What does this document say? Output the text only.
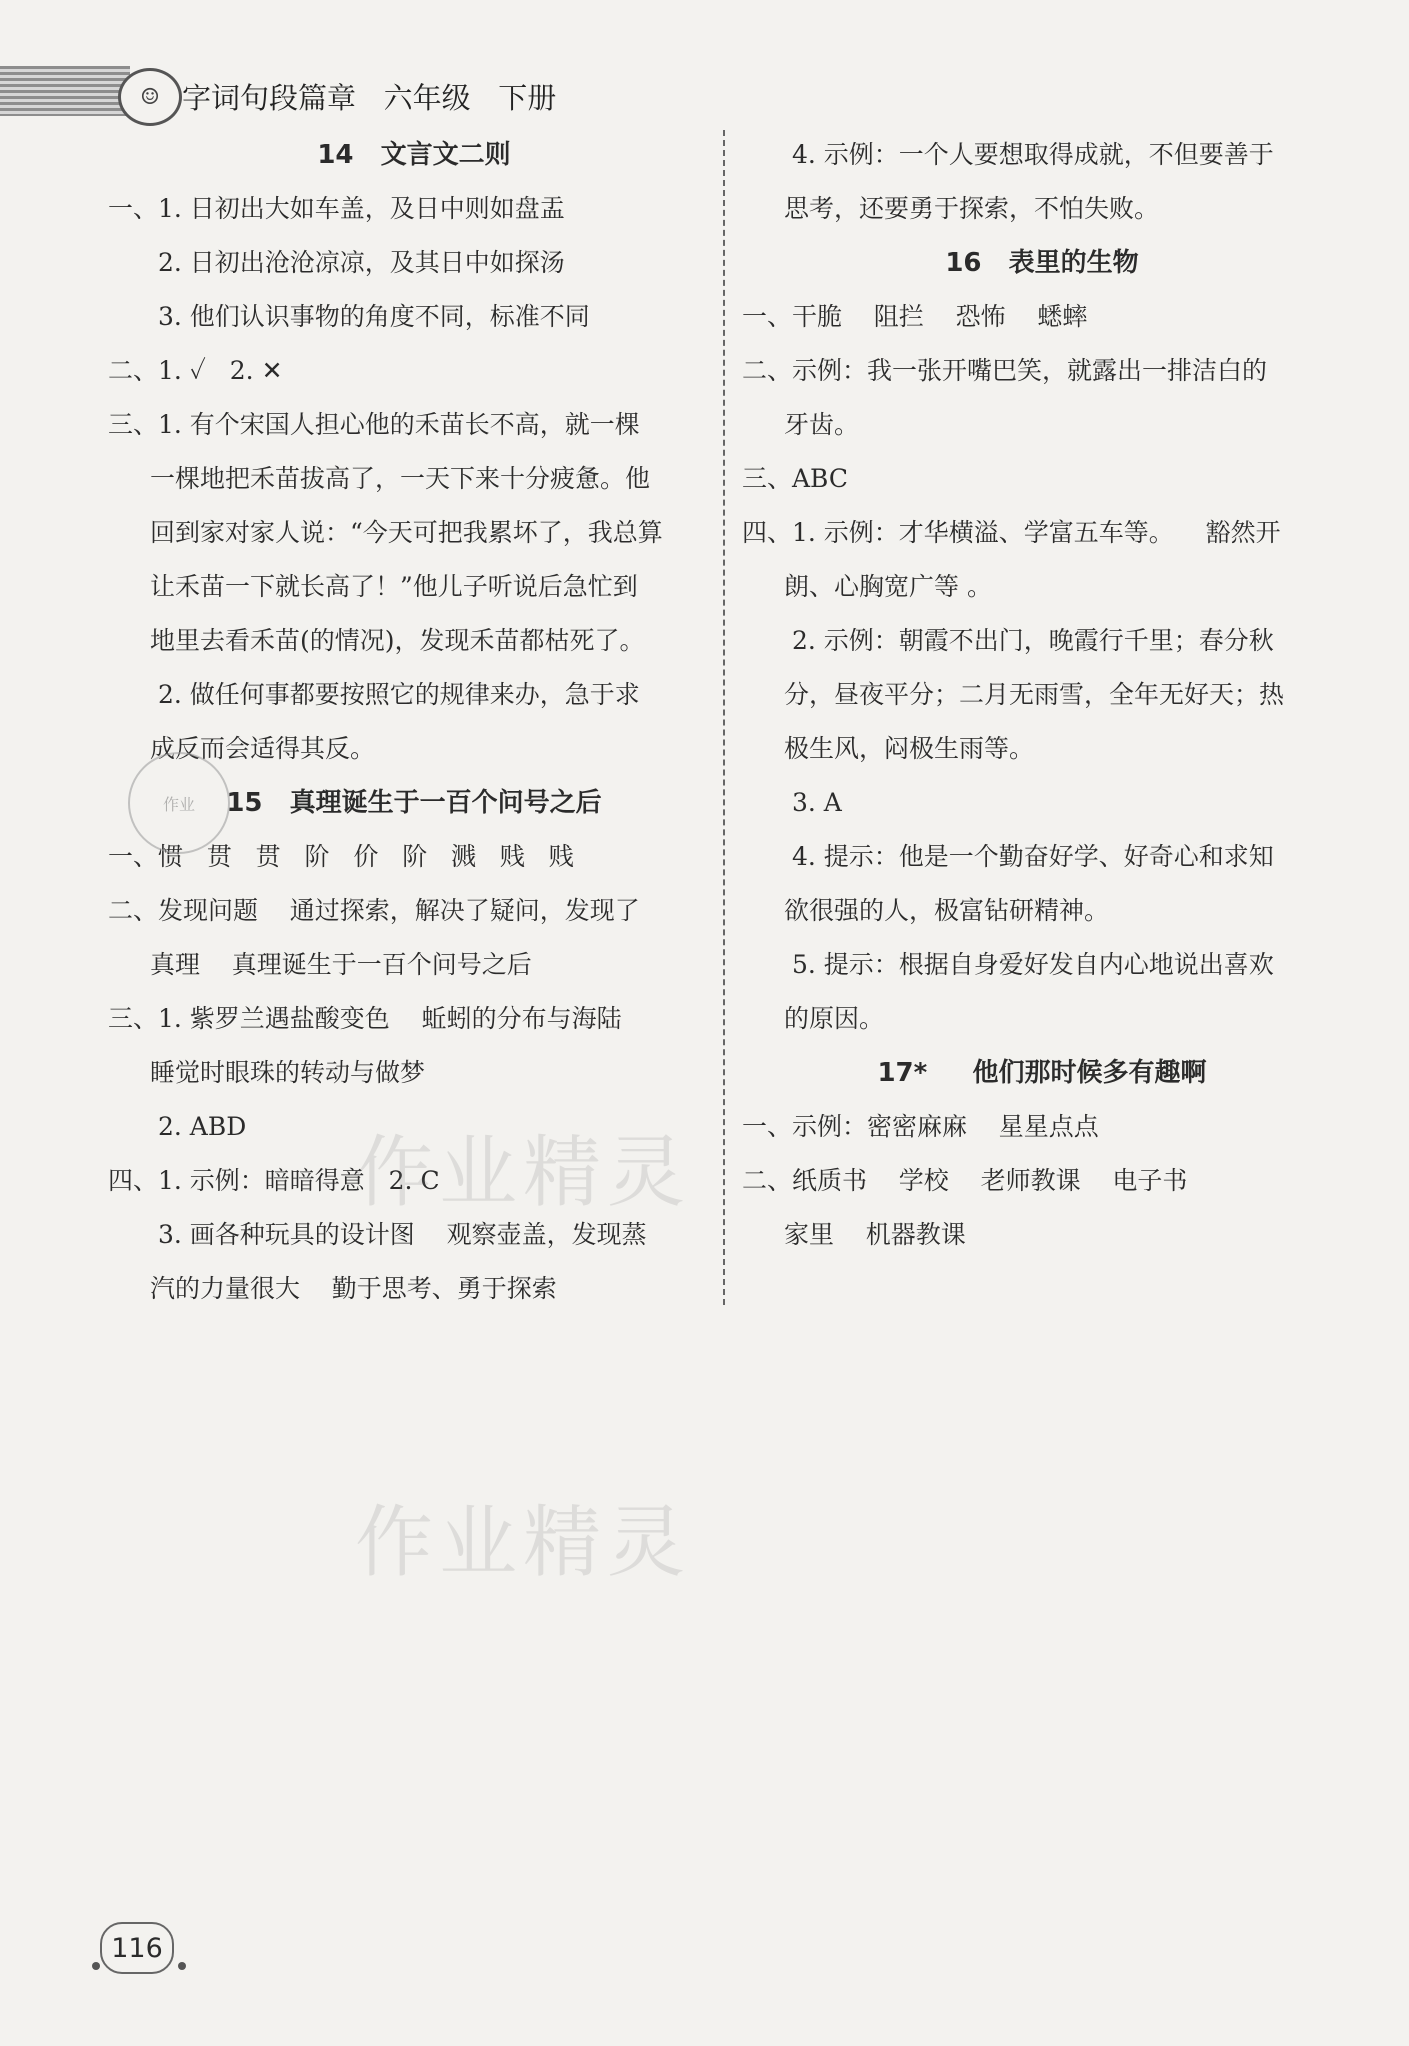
☺ 字词句段篇章   六年级   下册
14   文言文二则
一、1. 日初出大如车盖，及日中则如盘盂
2. 日初出沧沧凉凉，及其日中如探汤
3. 他们认识事物的角度不同，标准不同
二、1. ✓   2. ✕
三、1. 有个宋国人担心他的禾苗长不高，就一棵
一棵地把禾苗拔高了，一天下来十分疲惫。他
回到家对家人说：“今天可把我累坏了，我总算
让禾苗一下就长高了！”他儿子听说后急忙到
地里去看禾苗(的情况)，发现禾苗都枯死了。
2. 做任何事都要按照它的规律来办，急于求
成反而会适得其反。
15   真理诞生于一百个问号之后
一、惯   贯   贯   阶   价   阶   溅   贱   贱
二、发现问题    通过探索，解决了疑问，发现了
真理    真理诞生于一百个问号之后
三、1. 紫罗兰遇盐酸变色    蚯蚓的分布与海陆
睡觉时眼珠的转动与做梦
2. ABD
四、1. 示例：暗暗得意   2. C
3. 画各种玩具的设计图    观察壶盖，发现蒸
汽的力量很大    勤于思考、勇于探索
4. 示例：一个人要想取得成就，不但要善于
思考，还要勇于探索，不怕失败。
16   表里的生物
一、干脆    阻拦    恐怖    蟋蟀
二、示例：我一张开嘴巴笑，就露出一排洁白的
牙齿。
三、ABC
四、1. 示例：才华横溢、学富五车等。    豁然开
朗、心胸宽广等 。
2. 示例：朝霞不出门，晚霞行千里；春分秋
分，昼夜平分；二月无雨雪，全年无好天；热
极生风，闷极生雨等。
3. A
4. 提示：他是一个勤奋好学、好奇心和求知
欲很强的人，极富钻研精神。
5. 提示：根据自身爱好发自内心地说出喜欢
的原因。
17*     他们那时候多有趣啊
一、示例：密密麻麻    星星点点
二、纸质书    学校    老师教课    电子书
家里    机器教课
作业
作业精灵
作业精灵
116
